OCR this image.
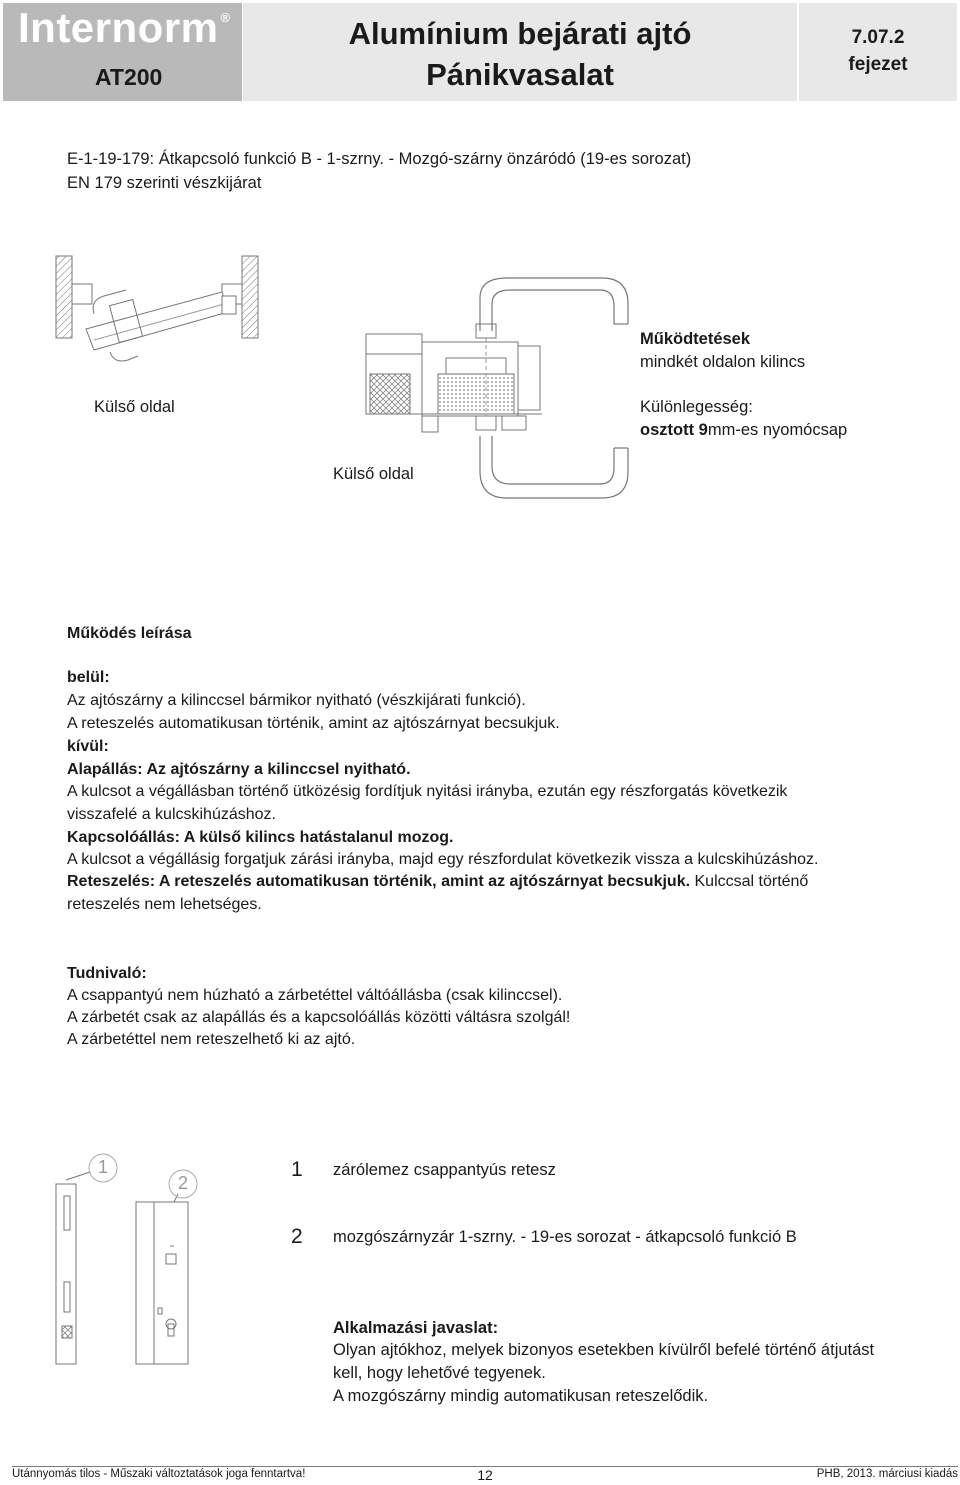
Internorm ®
AT200
Alumínium bejárati ajtó
Pánikvasalat
7.07.2
fejezet
E-1-19-179: Átkapcsoló funkció B - 1-szrny. - Mozgó-szárny önzáródó (19-es sorozat)
EN 179 szerinti vészkijárat
Külső oldal
Működtetések
mindkét oldalon kilincs
Különlegesség:
osztott 9mm-es nyomócsap
Külső oldal
Működés leírása
belül:
Az ajtószárny a kilinccsel bármikor nyitható (vészkijárati funkció).
A reteszelés automatikusan történik, amint az ajtószárnyat becsukjuk.
kívül:
Alapállás: Az ajtószárny a kilinccsel nyitható.
A kulcsot a végállásban történő ütközésig fordítjuk nyitási irányba, ezután egy részforgatás következik
visszafelé a kulcskihúzáshoz.
Kapcsolóállás: A külső kilincs hatástalanul mozog.
A kulcsot a végállásig forgatjuk zárási irányba, majd egy részfordulat következik vissza a kulcskihúzáshoz.
Reteszelés: A reteszelés automatikusan történik, amint az ajtószárnyat becsukjuk. Kulccsal történő
reteszelés nem lehetséges.
Tudnivaló:
A csappantyú nem húzható a zárbetéttel váltóállásba (csak kilinccsel).
A zárbetét csak az alapállás és a kapcsolóállás közötti váltásra szolgál!
A zárbetéttel nem reteszelhető ki az ajtó.
1
2
1 zárólemez csappantyús retesz
2 mozgószárnyzár 1-szrny. - 19-es sorozat - átkapcsoló funkció B
Alkalmazási javaslat:
Olyan ajtókhoz, melyek bizonyos esetekben kívülről befelé történő átjutást
kell, hogy lehetővé tegyenek.
A mozgószárny mindig automatikusan reteszelődik.
Utánnyomás tilos - Műszaki változtatások joga fenntartva!	12	PHB, 2013. márciusi kiadás
